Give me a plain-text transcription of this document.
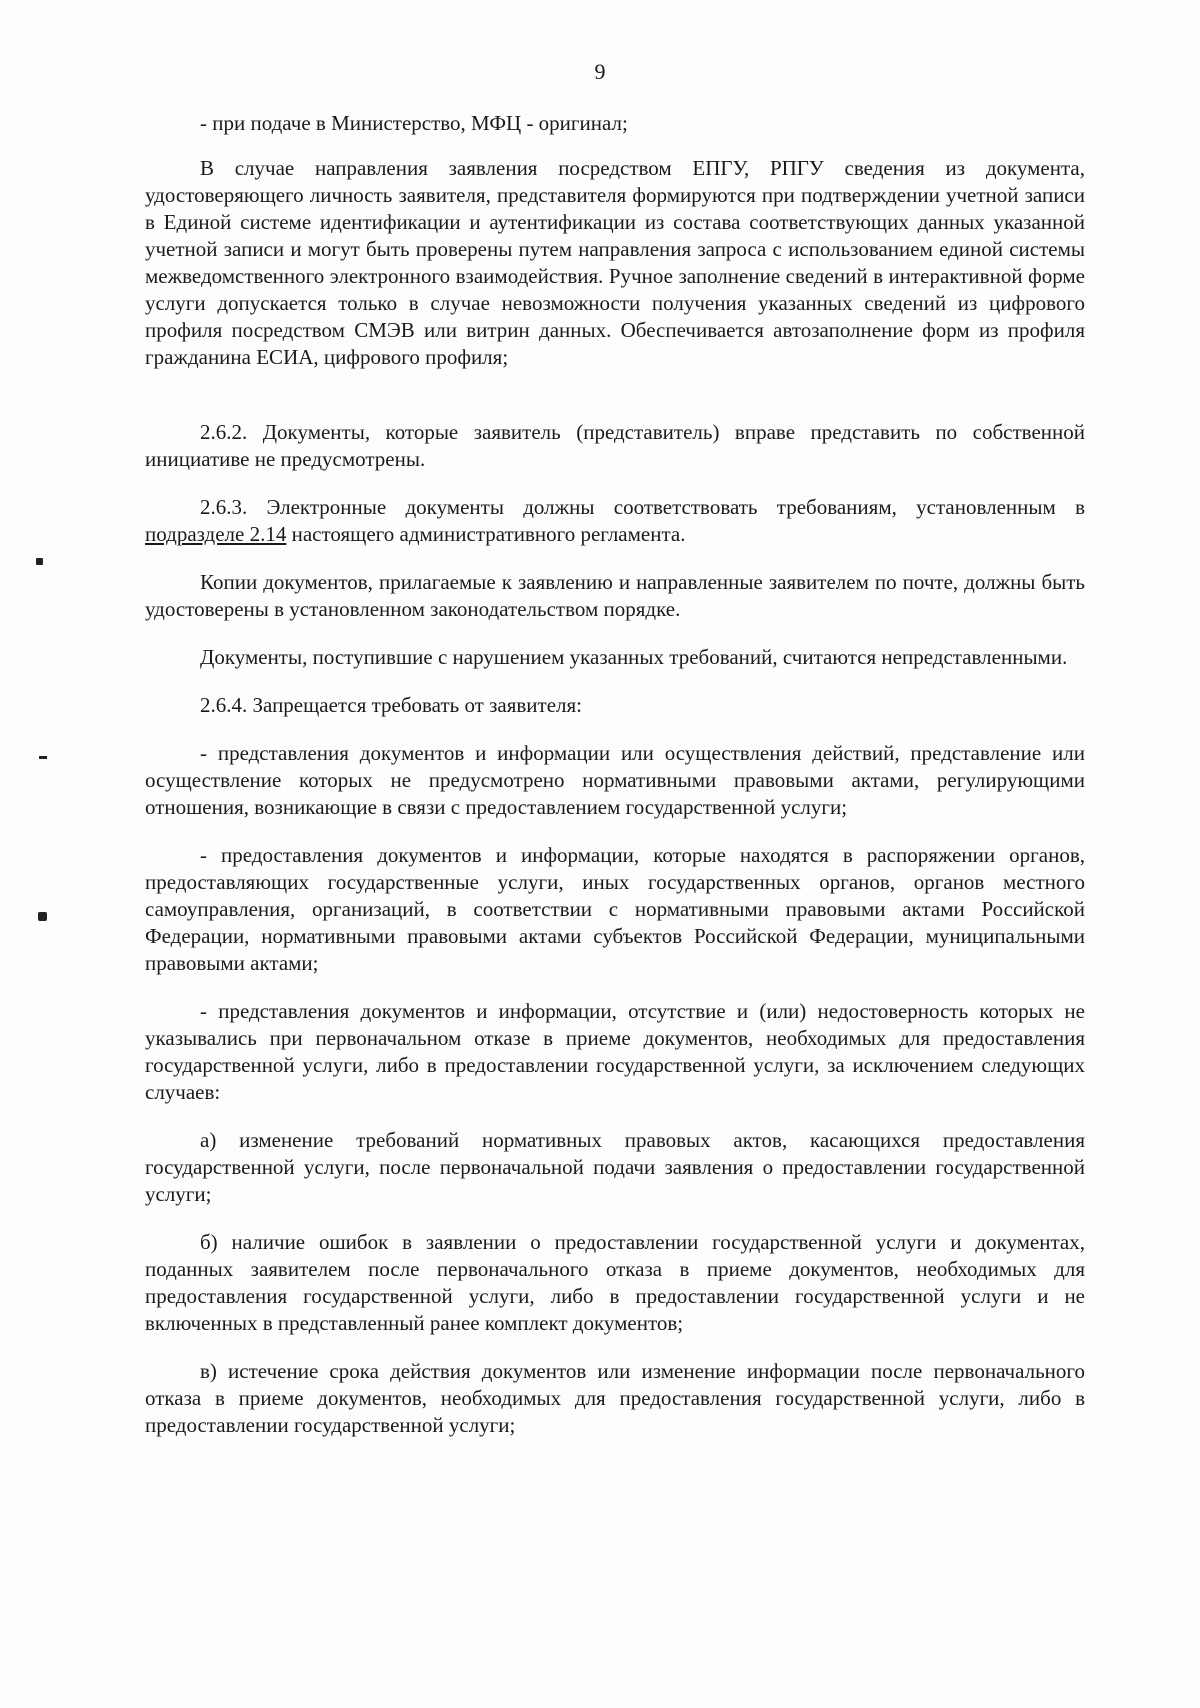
9

- при подаче в Министерство, МФЦ - оригинал;

В случае направления заявления посредством ЕПГУ, РПГУ сведения из документа, удостоверяющего личность заявителя, представителя формируются при подтверждении учетной записи в Единой системе идентификации и аутентификации из состава соответствующих данных указанной учетной записи и могут быть проверены путем направления запроса с использованием единой системы межведомственного электронного взаимодействия. Ручное заполнение сведений в интерактивной форме услуги допускается только в случае невозможности получения указанных сведений из цифрового профиля посредством СМЭВ или витрин данных. Обеспечивается автозаполнение форм из профиля гражданина ЕСИА, цифрового профиля;

2.6.2. Документы, которые заявитель (представитель) вправе представить по собственной инициативе не предусмотрены.

2.6.3. Электронные документы должны соответствовать требованиям, установленным в подразделе 2.14 настоящего административного регламента.

Копии документов, прилагаемые к заявлению и направленные заявителем по почте, должны быть удостоверены в установленном законодательством порядке.

Документы, поступившие с нарушением указанных требований, считаются непредставленными.

2.6.4. Запрещается требовать от заявителя:

- представления документов и информации или осуществления действий, представление или осуществление которых не предусмотрено нормативными правовыми актами, регулирующими отношения, возникающие в связи с предоставлением государственной услуги;

- предоставления документов и информации, которые находятся в распоряжении органов, предоставляющих государственные услуги, иных государственных органов, органов местного самоуправления, организаций, в соответствии с нормативными правовыми актами Российской Федерации, нормативными правовыми актами субъектов Российской Федерации, муниципальными правовыми актами;

- представления документов и информации, отсутствие и (или) недостоверность которых не указывались при первоначальном отказе в приеме документов, необходимых для предоставления государственной услуги, либо в предоставлении государственной услуги, за исключением следующих случаев:

а) изменение требований нормативных правовых актов, касающихся предоставления государственной услуги, после первоначальной подачи заявления о предоставлении государственной услуги;

б) наличие ошибок в заявлении о предоставлении государственной услуги и документах, поданных заявителем после первоначального отказа в приеме документов, необходимых для предоставления государственной услуги, либо в предоставлении государственной услуги и не включенных в представленный ранее комплект документов;

в) истечение срока действия документов или изменение информации после первоначального отказа в приеме документов, необходимых для предоставления государственной услуги, либо в предоставлении государственной услуги;
